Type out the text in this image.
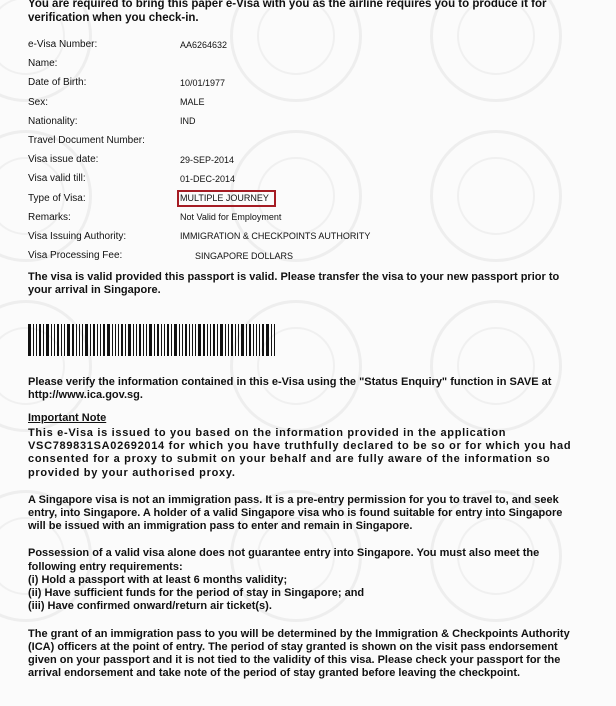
You are required to bring this paper e-Visa with you as the airline requires you to produce it for verification when you check-in.

e-Visa Number:	AA6264632
Name:
Date of Birth:	10/01/1977
Sex:	MALE
Nationality:	IND
Travel Document Number:
Visa issue date:	29-SEP-2014
Visa valid till:	01-DEC-2014
Type of Visa:	MULTIPLE JOURNEY
Remarks:	Not Valid for Employment
Visa Issuing Authority:	IMMIGRATION & CHECKPOINTS AUTHORITY
Visa Processing Fee:	SINGAPORE DOLLARS

The visa is valid provided this passport is valid. Please transfer the visa to your new passport prior to your arrival in Singapore.

Please verify the information contained in this e-Visa using the "Status Enquiry" function in SAVE at http://www.ica.gov.sg.

Important Note

This e-Visa is issued to you based on the information provided in the application VSC789831SA02692014 for which you have truthfully declared to be so or for which you had consented for a proxy to submit on your behalf and are fully aware of the information so provided by your authorised proxy.

A Singapore visa is not an immigration pass. It is a pre-entry permission for you to travel to, and seek entry, into Singapore. A holder of a valid Singapore visa who is found suitable for entry into Singapore will be issued with an immigration pass to enter and remain in Singapore.

Possession of a valid visa alone does not guarantee entry into Singapore. You must also meet the following entry requirements:

(i) Hold a passport with at least 6 months validity;

(ii) Have sufficient funds for the period of stay in Singapore; and

(iii) Have confirmed onward/return air ticket(s).

The grant of an immigration pass to you will be determined by the Immigration & Checkpoints Authority (ICA) officers at the point of entry. The period of stay granted is shown on the visit pass endorsement given on your passport and it is not tied to the validity of this visa. Please check your passport for the arrival endorsement and take note of the period of stay granted before leaving the checkpoint.
